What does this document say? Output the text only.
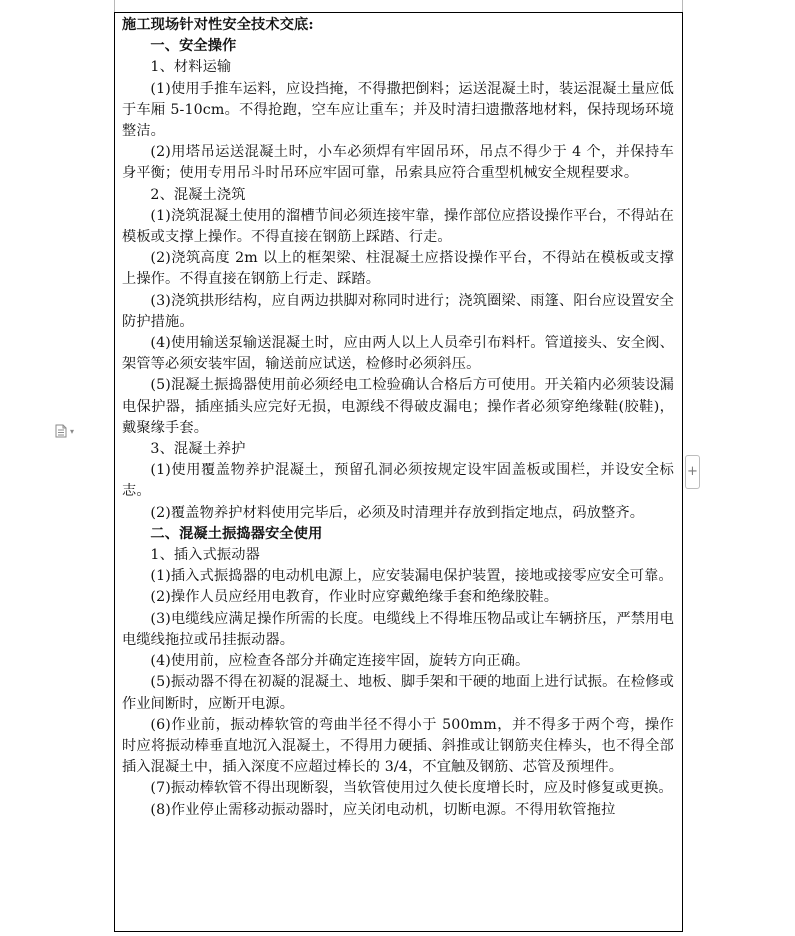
施工现场针对性安全技术交底:

一、安全操作

1、材料运输

(1)使用手推车运料，应设挡掩，不得撒把倒料；运送混凝土时，装运混凝土量应低于车厢 5-10cm。不得抢跑，空车应让重车；并及时清扫遗撒落地材料，保持现场环境整洁。

(2)用塔吊运送混凝土时，小车必须焊有牢固吊环，吊点不得少于 4 个，并保持车身平衡；使用专用吊斗时吊环应牢固可靠，吊索具应符合重型机械安全规程要求。

2、混凝土浇筑

(1)浇筑混凝土使用的溜槽节间必须连接牢靠，操作部位应搭设操作平台，不得站在模板或支撑上操作。不得直接在钢筋上踩踏、行走。

(2)浇筑高度 2m 以上的框架梁、柱混凝土应搭设操作平台，不得站在模板或支撑上操作。不得直接在钢筋上行走、踩踏。

(3)浇筑拱形结构，应自两边拱脚对称同时进行；浇筑圈梁、雨篷、阳台应设置安全防护措施。

(4)使用输送泵输送混凝土时，应由两人以上人员牵引布料杆。管道接头、安全阀、架管等必须安装牢固，输送前应试送，检修时必须斜压。

(5)混凝土振捣器使用前必须经电工检验确认合格后方可使用。开关箱内必须装设漏电保护器，插座插头应完好无损，电源线不得破皮漏电；操作者必须穿绝缘鞋(胶鞋)，戴聚缘手套。

3、混凝土养护

(1)使用覆盖物养护混凝土，预留孔洞必须按规定设牢固盖板或围栏，并设安全标志。

(2)覆盖物养护材料使用完毕后，必须及时清理并存放到指定地点，码放整齐。

二、混凝土振捣器安全使用

1、插入式振动器

(1)插入式振捣器的电动机电源上，应安装漏电保护装置，接地或接零应安全可靠。

(2)操作人员应经用电教育，作业时应穿戴绝缘手套和绝缘胶鞋。

(3)电缆线应满足操作所需的长度。电缆线上不得堆压物品或让车辆挤压，严禁用电电缆线拖拉或吊挂振动器。

(4)使用前，应检查各部分并确定连接牢固，旋转方向正确。

(5)振动器不得在初凝的混凝土、地板、脚手架和干硬的地面上进行试振。在检修或作业间断时，应断开电源。

(6)作业前，振动棒软管的弯曲半径不得小于 500mm，并不得多于两个弯，操作时应将振动棒垂直地沉入混凝土，不得用力硬插、斜推或让钢筋夹住棒头，也不得全部插入混凝土中，插入深度不应超过棒长的 3/4，不宜触及钢筋、芯管及预埋件。

(7)振动棒软管不得出现断裂，当软管使用过久使长度增长时，应及时修复或更换。

(8)作业停止需移动振动器时，应关闭电动机，切断电源。不得用软管拖拉

▾
+
